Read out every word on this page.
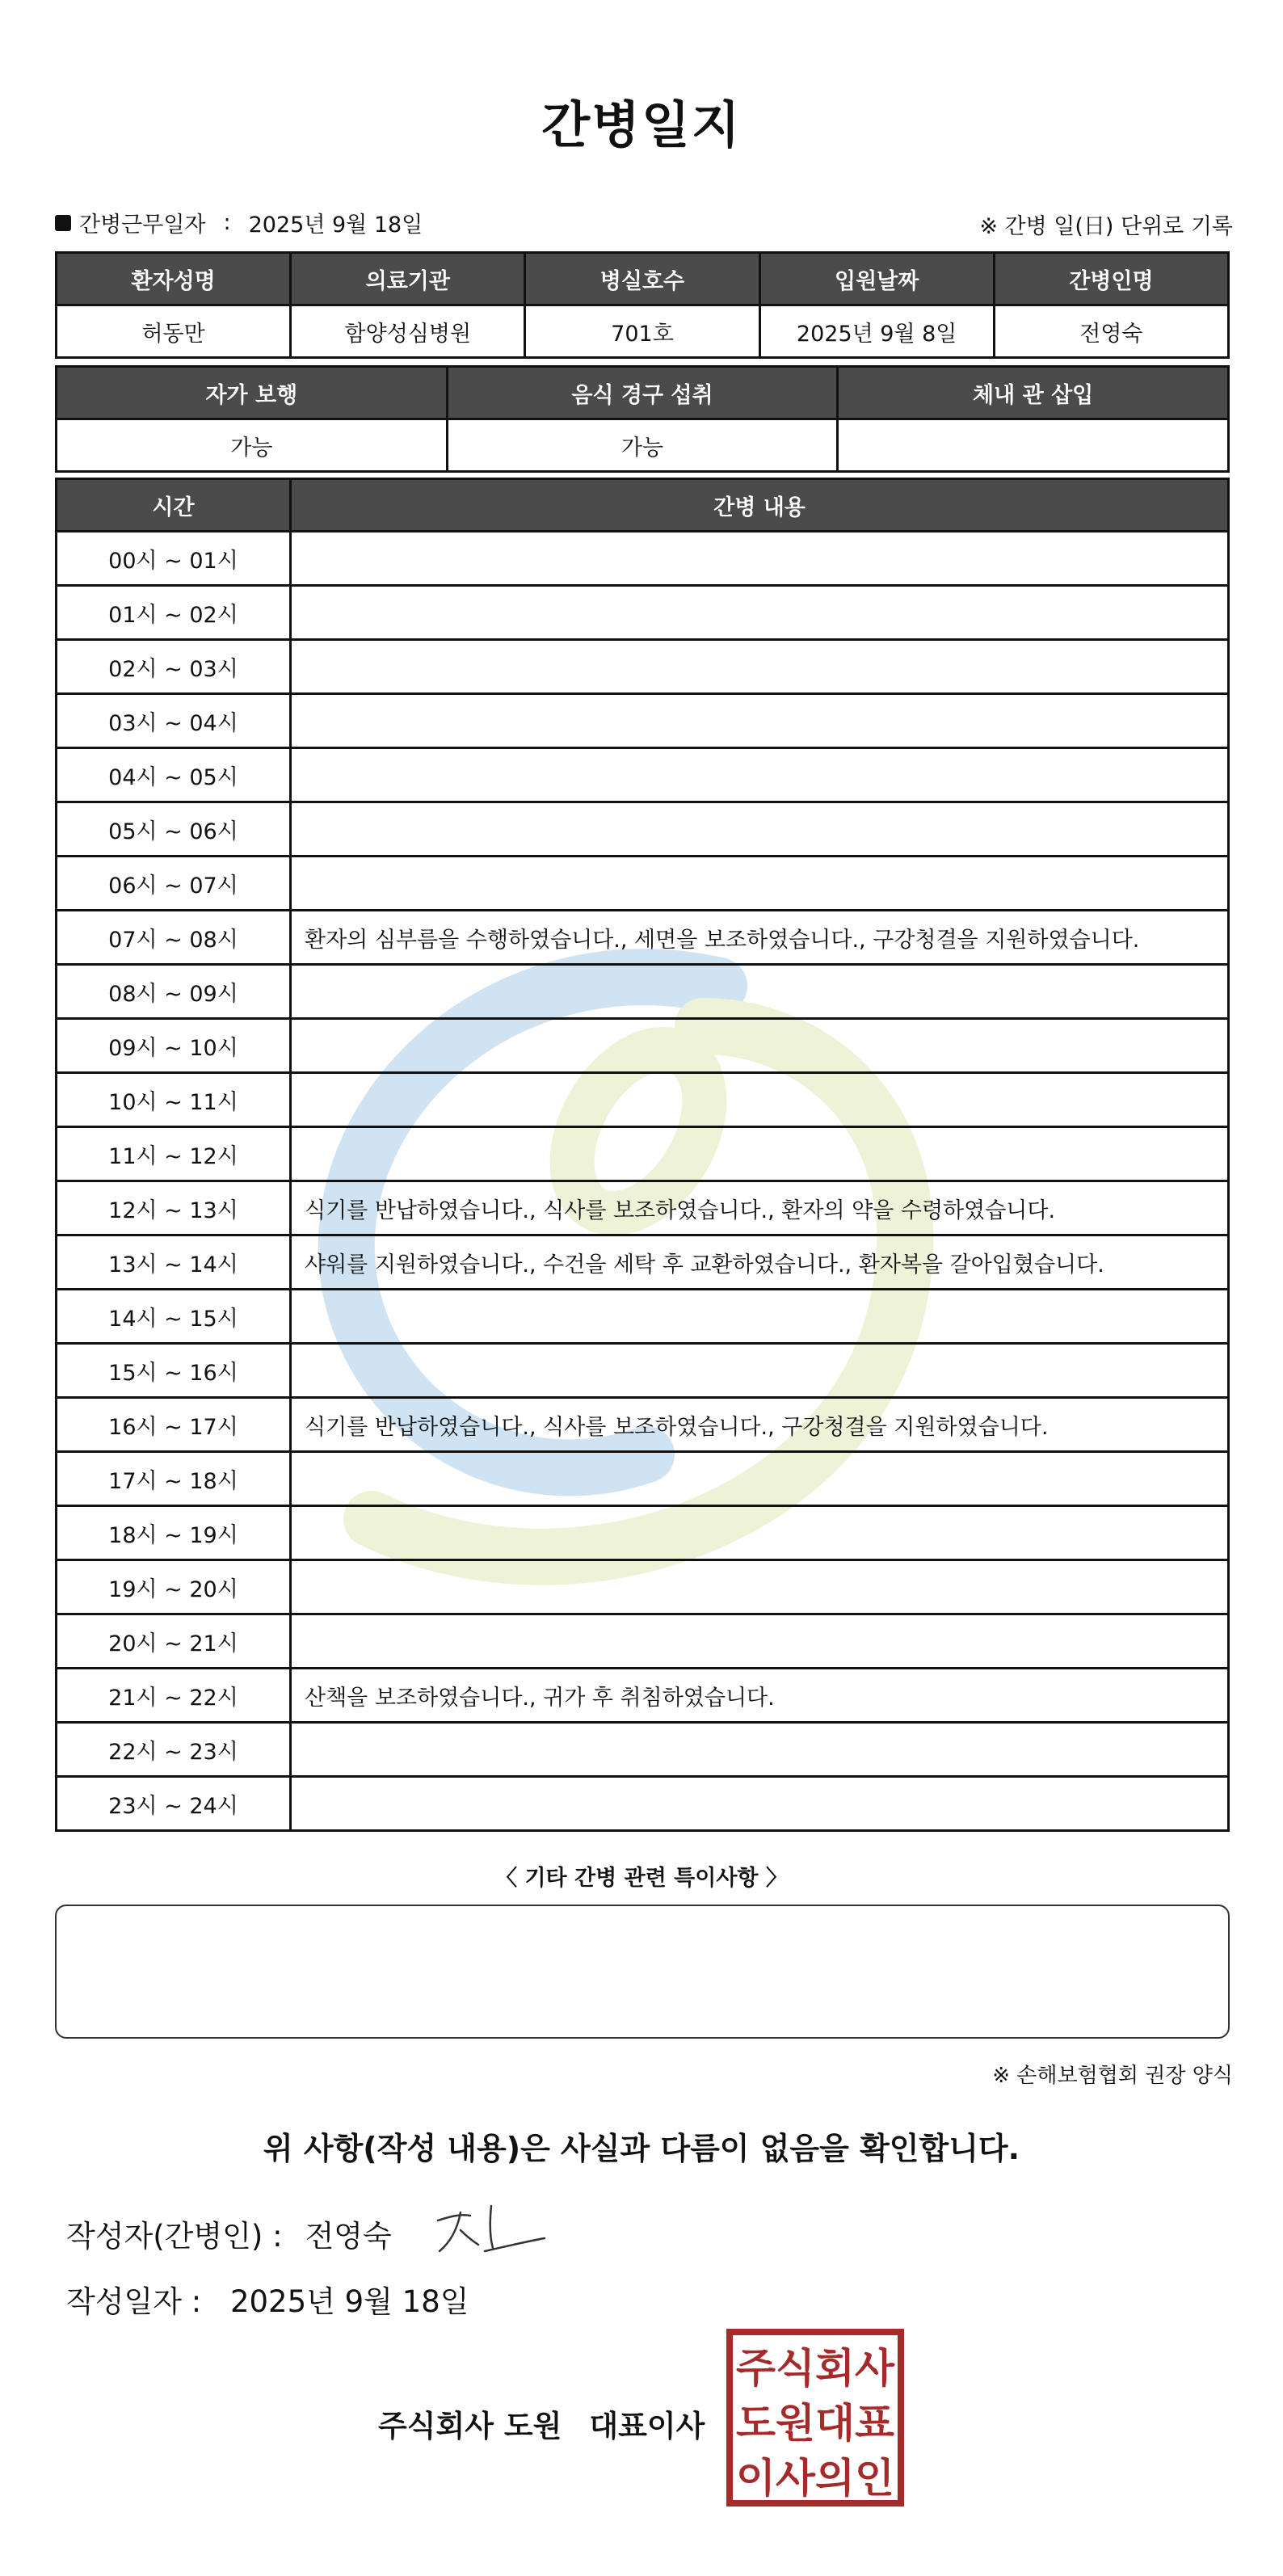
간병일지
간병근무일자 : 2025년 9월 18일	※ 간병 일(日) 단위로 기록
환자성명	의료기관	병실호수	입원날짜	간병인명
허동만	함양성심병원	701호	2025년 9월 8일	전영숙
자가 보행	음식 경구 섭취	체내 관 삽입
가능	가능	
시간	간병 내용
00시 ~ 01시	
01시 ~ 02시	
02시 ~ 03시	
03시 ~ 04시	
04시 ~ 05시	
05시 ~ 06시	
06시 ~ 07시	
07시 ~ 08시	환자의 심부름을 수행하였습니다., 세면을 보조하였습니다., 구강청결을 지원하였습니다.
08시 ~ 09시	
09시 ~ 10시	
10시 ~ 11시	
11시 ~ 12시	
12시 ~ 13시	식기를 반납하였습니다., 식사를 보조하였습니다., 환자의 약을 수령하였습니다.
13시 ~ 14시	샤워를 지원하였습니다., 수건을 세탁 후 교환하였습니다., 환자복을 갈아입혔습니다.
14시 ~ 15시	
15시 ~ 16시	
16시 ~ 17시	식기를 반납하였습니다., 식사를 보조하였습니다., 구강청결을 지원하였습니다.
17시 ~ 18시	
18시 ~ 19시	
19시 ~ 20시	
20시 ~ 21시	
21시 ~ 22시	산책을 보조하였습니다., 귀가 후 취침하였습니다.
22시 ~ 23시	
23시 ~ 24시	
〈 기타 간병 관련 특이사항 〉
※ 손해보험협회 권장 양식
위 사항(작성 내용)은 사실과 다름이 없음을 확인합니다.
작성자(간병인) : 전영숙
작성일자 : 2025년 9월 18일
주식회사 도원 대표이사
주식회사
도원대표
이사의인
